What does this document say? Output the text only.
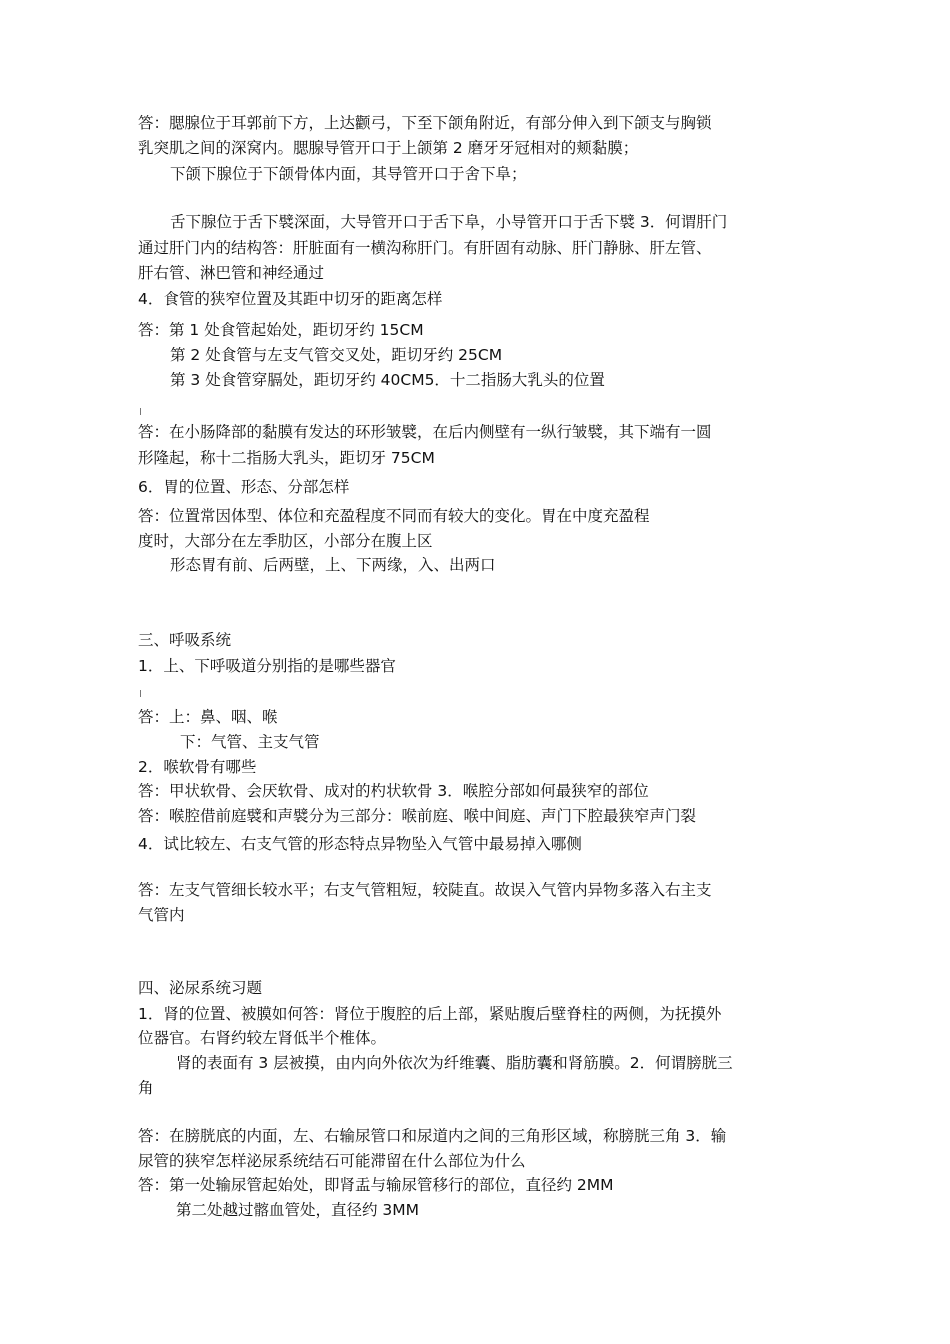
答：腮腺位于耳郭前下方，上达颧弓，下至下颌角附近，有部分伸入到下颌支与胸锁
乳突肌之间的深窝内。腮腺导管开口于上颌第 2 磨牙牙冠相对的颊黏膜；
下颌下腺位于下颌骨体内面，其导管开口于舍下阜；
舌下腺位于舌下襞深面，大导管开口于舌下阜，小导管开口于舌下襞 3．何谓肝门
通过肝门内的结构答：肝脏面有一横沟称肝门。有肝固有动脉、肝门静脉、肝左管、
肝右管、淋巴管和神经通过
4．食管的狭窄位置及其距中切牙的距离怎样
答：第 1 处食管起始处，距切牙约 15CM
第 2 处食管与左支气管交叉处，距切牙约 25CM
第 3 处食管穿膈处，距切牙约 40CM5．十二指肠大乳头的位置
答：在小肠降部的黏膜有发达的环形皱襞，在后内侧壁有一纵行皱襞，其下端有一圆
形隆起，称十二指肠大乳头，距切牙 75CM
6．胃的位置、形态、分部怎样
答：位置常因体型、体位和充盈程度不同而有较大的变化。胃在中度充盈程
度时，大部分在左季肋区，小部分在腹上区
形态胃有前、后两壁，上、下两缘，入、出两口
三、呼吸系统
1．上、下呼吸道分别指的是哪些器官
答：上：鼻、咽、喉
下：气管、主支气管
2．喉软骨有哪些
答：甲状软骨、会厌软骨、成对的杓状软骨 3．喉腔分部如何最狭窄的部位
答：喉腔借前庭襞和声襞分为三部分：喉前庭、喉中间庭、声门下腔最狭窄声门裂
4．试比较左、右支气管的形态特点异物坠入气管中最易掉入哪侧
答：左支气管细长较水平；右支气管粗短，较陡直。故误入气管内异物多落入右主支
气管内
四、泌尿系统习题
1．肾的位置、被膜如何答：肾位于腹腔的后上部，紧贴腹后壁脊柱的两侧，为抚摸外
位器官。右肾约较左肾低半个椎体。
肾的表面有 3 层被摸，由内向外依次为纤维囊、脂肪囊和肾筋膜。2．何谓膀胱三
角
答：在膀胱底的内面，左、右输尿管口和尿道内之间的三角形区域，称膀胱三角 3．输
尿管的狭窄怎样泌尿系统结石可能滞留在什么部位为什么
答：第一处输尿管起始处，即肾盂与输尿管移行的部位，直径约 2MM
第二处越过髂血管处，直径约 3MM
